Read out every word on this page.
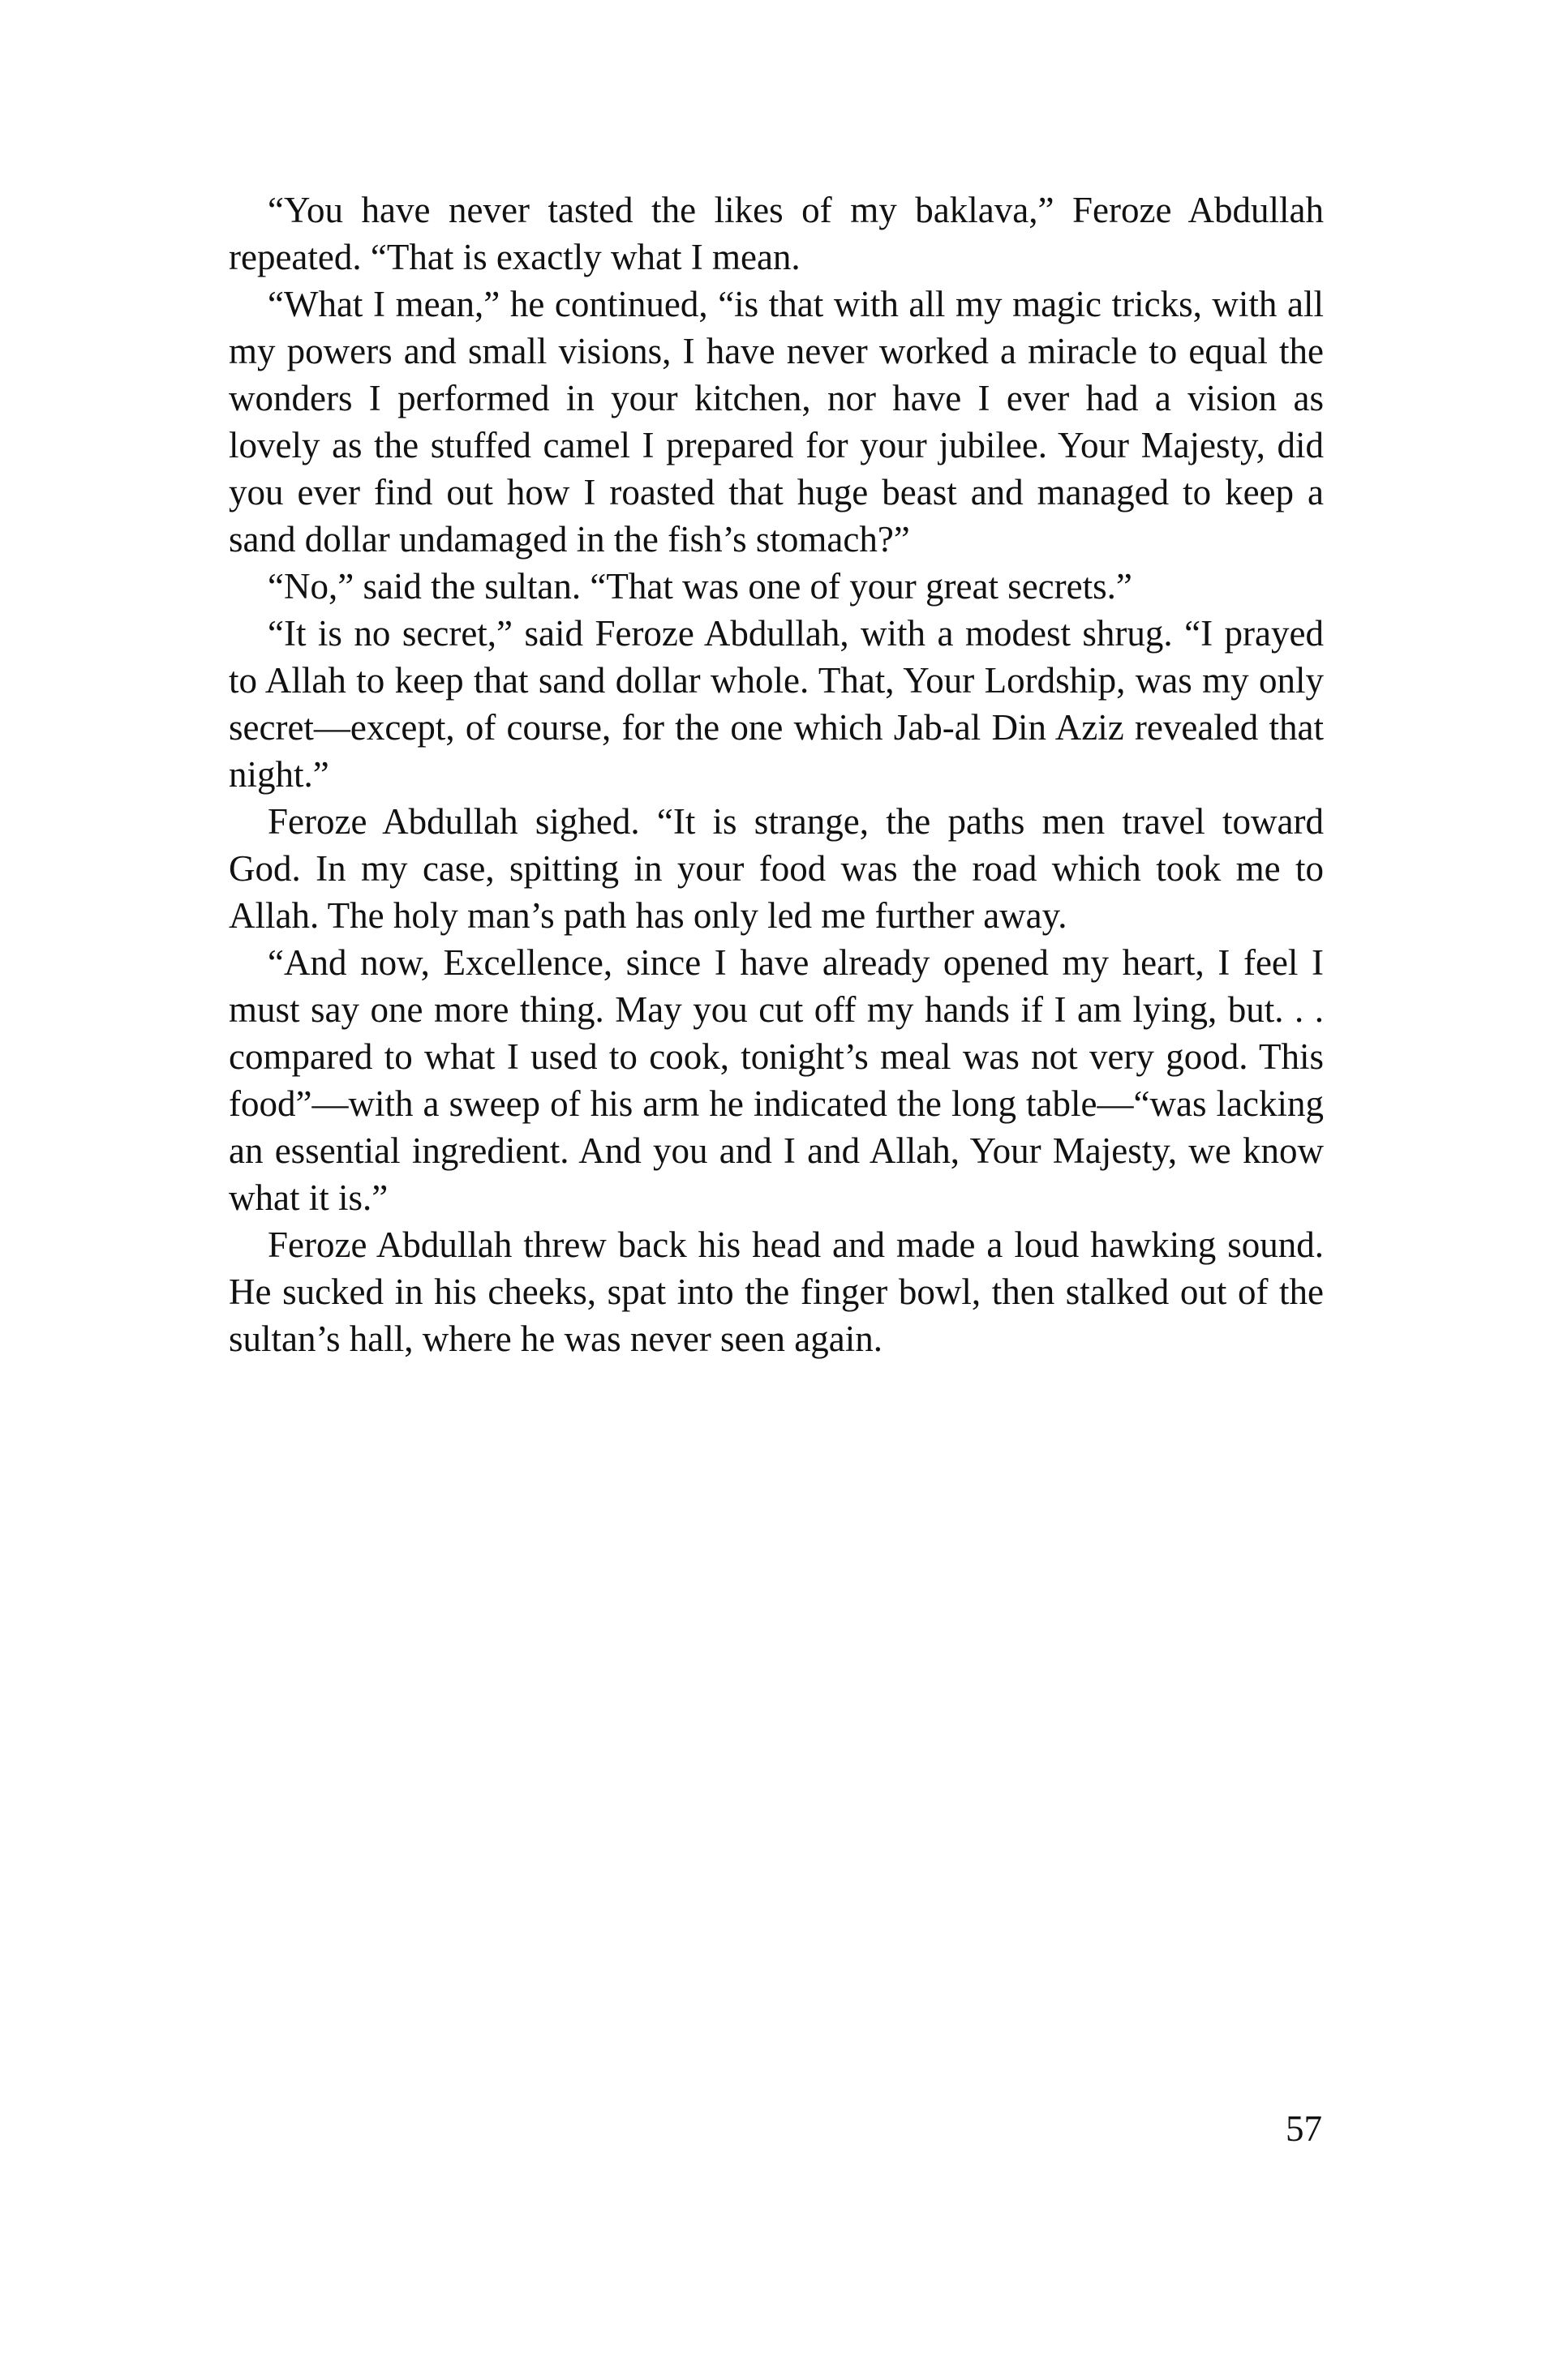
“You have never tasted the likes of my baklava,” Feroze Abdullah repeated. “That is exactly what I mean.

“What I mean,” he continued, “is that with all my magic tricks, with all my powers and small visions, I have never worked a miracle to equal the wonders I performed in your kitchen, nor have I ever had a vision as lovely as the stuffed camel I prepared for your jubilee. Your Majesty, did you ever find out how I roasted that huge beast and managed to keep a sand dollar undamaged in the fish’s stomach?”

“No,” said the sultan. “That was one of your great secrets.”

“It is no secret,” said Feroze Abdullah, with a modest shrug. “I prayed to Allah to keep that sand dollar whole. That, Your Lordship, was my only secret—except, of course, for the one which Jab-al Din Aziz revealed that night.”

Feroze Abdullah sighed. “It is strange, the paths men travel toward God. In my case, spitting in your food was the road which took me to Allah. The holy man’s path has only led me further away.

“And now, Excellence, since I have already opened my heart, I feel I must say one more thing. May you cut off my hands if I am lying, but. . . compared to what I used to cook, tonight’s meal was not very good. This food”—with a sweep of his arm he indicated the long table—“was lacking an essential ingredient. And you and I and Allah, Your Majesty, we know what it is.”

Feroze Abdullah threw back his head and made a loud hawking sound. He sucked in his cheeks, spat into the finger bowl, then stalked out of the sultan’s hall, where he was never seen again.

57
